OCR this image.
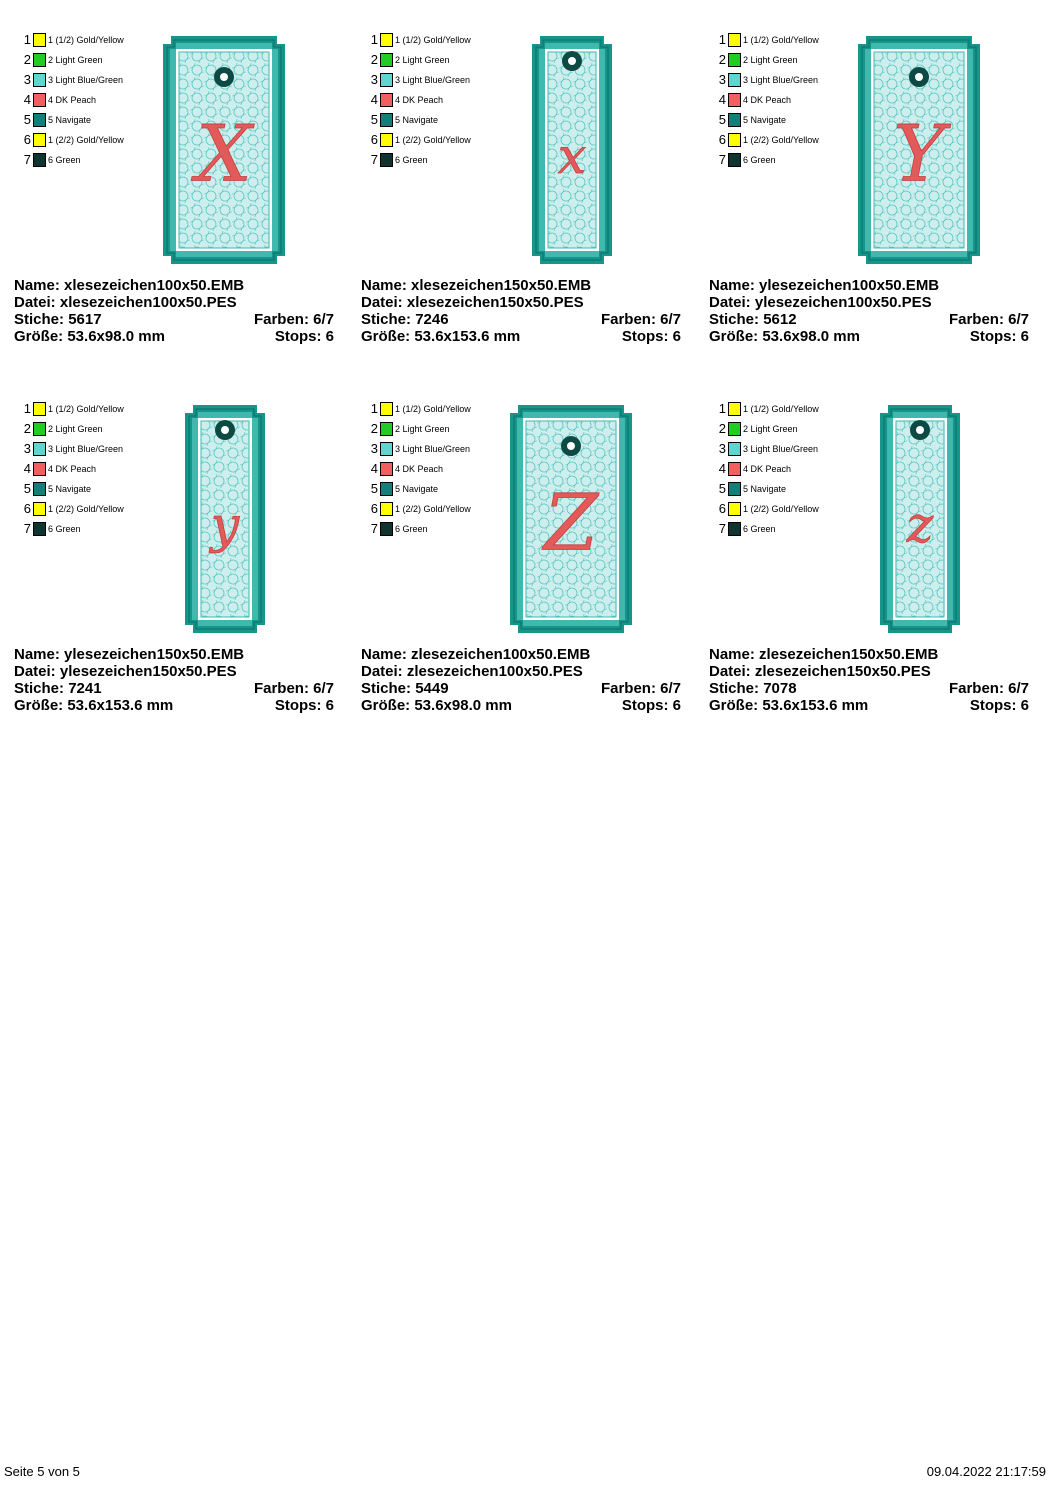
1 1 (1/2) Gold/Yellow
2 2 Light Green
3 3 Light Blue/Green
4 4 DK Peach
5 5 Navigate
6 1 (2/2) Gold/Yellow
7 6 Green	X
Name: xlesezeichen100x50.EMB
Datei: xlesezeichen100x50.PES
Stiche: 5617	Farben: 6/7
Größe: 53.6x98.0 mm	Stops: 6
1 1 (1/2) Gold/Yellow
2 2 Light Green
3 3 Light Blue/Green
4 4 DK Peach
5 5 Navigate
6 1 (2/2) Gold/Yellow
7 6 Green	x
Name: xlesezeichen150x50.EMB
Datei: xlesezeichen150x50.PES
Stiche: 7246	Farben: 6/7
Größe: 53.6x153.6 mm	Stops: 6
1 1 (1/2) Gold/Yellow
2 2 Light Green
3 3 Light Blue/Green
4 4 DK Peach
5 5 Navigate
6 1 (2/2) Gold/Yellow
7 6 Green	Y
Name: ylesezeichen100x50.EMB
Datei: ylesezeichen100x50.PES
Stiche: 5612	Farben: 6/7
Größe: 53.6x98.0 mm	Stops: 6
1 1 (1/2) Gold/Yellow
2 2 Light Green
3 3 Light Blue/Green
4 4 DK Peach
5 5 Navigate
6 1 (2/2) Gold/Yellow
7 6 Green	y
Name: ylesezeichen150x50.EMB
Datei: ylesezeichen150x50.PES
Stiche: 7241	Farben: 6/7
Größe: 53.6x153.6 mm	Stops: 6
1 1 (1/2) Gold/Yellow
2 2 Light Green
3 3 Light Blue/Green
4 4 DK Peach
5 5 Navigate
6 1 (2/2) Gold/Yellow
7 6 Green	Z
Name: zlesezeichen100x50.EMB
Datei: zlesezeichen100x50.PES
Stiche: 5449	Farben: 6/7
Größe: 53.6x98.0 mm	Stops: 6
1 1 (1/2) Gold/Yellow
2 2 Light Green
3 3 Light Blue/Green
4 4 DK Peach
5 5 Navigate
6 1 (2/2) Gold/Yellow
7 6 Green	z
Name: zlesezeichen150x50.EMB
Datei: zlesezeichen150x50.PES
Stiche: 7078	Farben: 6/7
Größe: 53.6x153.6 mm	Stops: 6
Seite 5 von 5	09.04.2022 21:17:59
